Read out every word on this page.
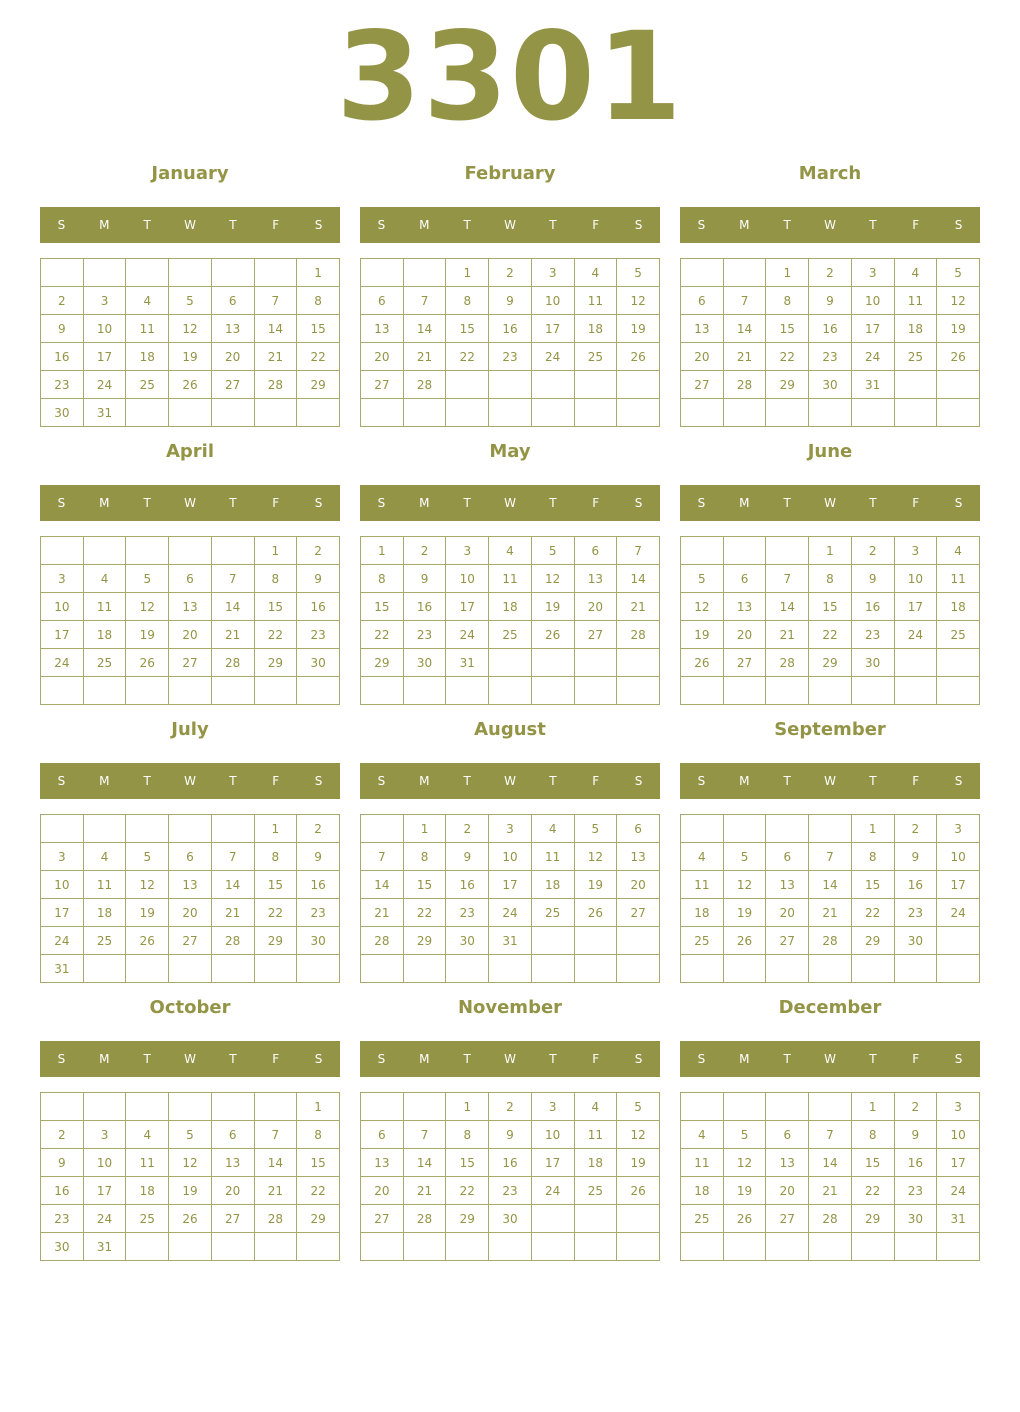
3301
January
S	M	T	W	T	F	S
						1
2	3	4	5	6	7	8
9	10	11	12	13	14	15
16	17	18	19	20	21	22
23	24	25	26	27	28	29
30	31					
February
S	M	T	W	T	F	S
		1	2	3	4	5
6	7	8	9	10	11	12
13	14	15	16	17	18	19
20	21	22	23	24	25	26
27	28					

March
S	M	T	W	T	F	S
		1	2	3	4	5
6	7	8	9	10	11	12
13	14	15	16	17	18	19
20	21	22	23	24	25	26
27	28	29	30	31		

April
S	M	T	W	T	F	S
					1	2
3	4	5	6	7	8	9
10	11	12	13	14	15	16
17	18	19	20	21	22	23
24	25	26	27	28	29	30

May
S	M	T	W	T	F	S
1	2	3	4	5	6	7
8	9	10	11	12	13	14
15	16	17	18	19	20	21
22	23	24	25	26	27	28
29	30	31				

June
S	M	T	W	T	F	S
			1	2	3	4
5	6	7	8	9	10	11
12	13	14	15	16	17	18
19	20	21	22	23	24	25
26	27	28	29	30		

July
S	M	T	W	T	F	S
					1	2
3	4	5	6	7	8	9
10	11	12	13	14	15	16
17	18	19	20	21	22	23
24	25	26	27	28	29	30
31						
August
S	M	T	W	T	F	S
	1	2	3	4	5	6
7	8	9	10	11	12	13
14	15	16	17	18	19	20
21	22	23	24	25	26	27
28	29	30	31			

September
S	M	T	W	T	F	S
				1	2	3
4	5	6	7	8	9	10
11	12	13	14	15	16	17
18	19	20	21	22	23	24
25	26	27	28	29	30	

October
S	M	T	W	T	F	S
						1
2	3	4	5	6	7	8
9	10	11	12	13	14	15
16	17	18	19	20	21	22
23	24	25	26	27	28	29
30	31					
November
S	M	T	W	T	F	S
		1	2	3	4	5
6	7	8	9	10	11	12
13	14	15	16	17	18	19
20	21	22	23	24	25	26
27	28	29	30			

December
S	M	T	W	T	F	S
				1	2	3
4	5	6	7	8	9	10
11	12	13	14	15	16	17
18	19	20	21	22	23	24
25	26	27	28	29	30	31
